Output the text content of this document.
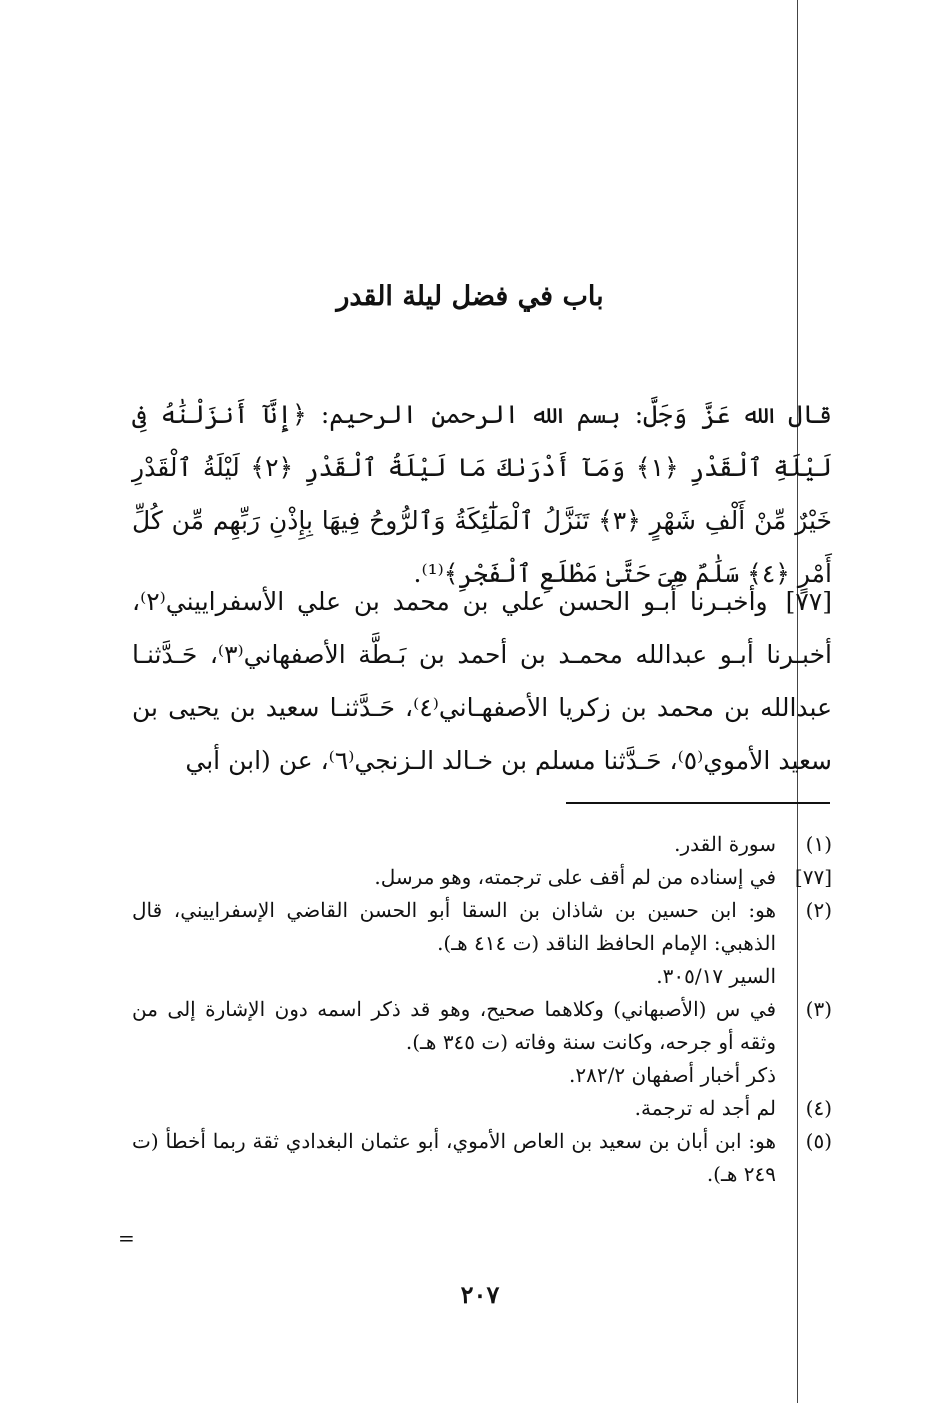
باب في فضل ليلة القدر
قال الله عَزَّ وَجَلَّ: بسم الله الرحمن الرحيم: ﴿إِنَّآ أَنزَلْنَٰهُ فِى لَيْلَةِ ٱلْقَدْرِ ﴿١﴾ وَمَآ أَدْرَىٰكَ مَا لَيْلَةُ ٱلْقَدْرِ ﴿٢﴾ لَيْلَةُ ٱلْقَدْرِ خَيْرٌ مِّنْ أَلْفِ شَهْرٍ ﴿٣﴾ تَنَزَّلُ ٱلْمَلَٰٓئِكَةُ وَٱلرُّوحُ فِيهَا بِإِذْنِ رَبِّهِم مِّن كُلِّ أَمْرٍ ﴿٤﴾ سَلَٰمٌ هِىَ حَتَّىٰ مَطْلَعِ ٱلْفَجْرِ﴾⁽¹⁾.
[٧٧]وأخبـرنا أبـو الحسن علي بن محمد بن علي الأسفراييني⁽٢⁾، أخبـرنا أبـو عبدالله محمـد بن أحمد بن بَـطَّة الأصفهاني⁽٣⁾، حَـدَّثنـا عبدالله بن محمد بن زكريا الأصفهـاني⁽٤⁾، حَـدَّثنـا سعيد بن يحيى بن سعيد الأموي⁽٥⁾، حَـدَّثنا مسلم بن خـالد الـزنجي⁽٦⁾، عن (ابن أبي
(١)

سورة القدر.

[٧٧]

في إسناده من لم أقف على ترجمته، وهو مرسل.

(٢)

هو: ابن حسين بن شاذان بن السقا أبو الحسن القاضي الإسفراييني، قال الذهبي: الإمام الحافظ الناقد (ت ٤١٤ هـ).

السير ٣٠٥/١٧.

(٣)

في س (الأصبهاني) وكلاهما صحيح، وهو قد ذكر اسمه دون الإشارة إلى من وثقه أو جرحه، وكانت سنة وفاته (ت ٣٤٥ هـ).

ذكر أخبار أصفهان ٢٨٢/٢.

(٤)

لم أجد له ترجمة.

(٥)

هو: ابن أبان بن سعيد بن العاص الأموي، أبو عثمان البغدادي ثقة ربما أخطأ (ت ٢٤٩ هـ).

=
٢٠٧
